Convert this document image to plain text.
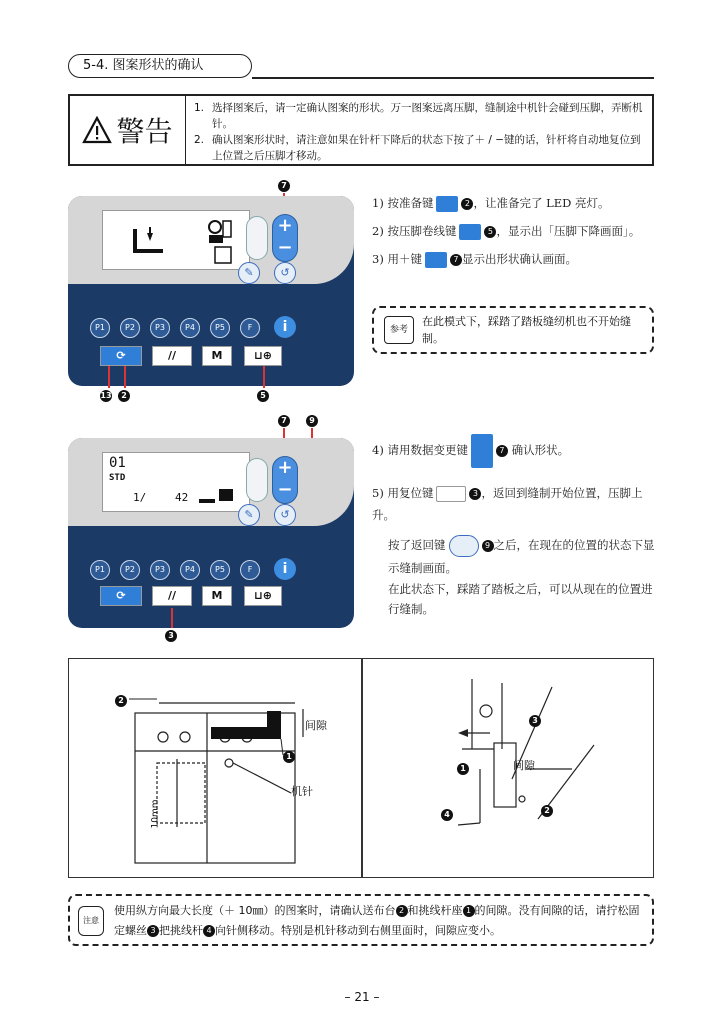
5-4. 图案形状的确认
警告
1. 选择图案后，请一定确认图案的形状。万一图案远离压脚，缝制途中机针会碰到压脚，弄断机针。
2. 确认图案形状时，请注意如果在针杆下降后的状态下按了＋ / −键的话，针杆将自动地复位到上位置之后压脚才移动。
7
+
−
✎	↺
P1	P2	P3	P4	P5	F	i
⟳	//	M	⊔⊕
13	2	5
1) 按准备键	2 ，让准备完了 LED 亮灯。
2) 按压脚卷线键	5 ，显示出「压脚下降画面」。
3) 用＋键	7 显示出形状确认画面。
参考
在此模式下，踩踏了踏板缝纫机也不开始缝制。
7	9
01
STD
1/	42
+
−
✎	↺
P1	P2	P3	P4	P5	F	i
⟳	//	M	⊔⊕
3
4) 请用数据变更键	7 确认形状。
5) 用复位键	3 ，返回到缝制开始位置，压脚上升。
按了返回键	9 之后，在现在的位置的状态下显示缝制画面。
在此状态下，踩踏了踏板之后，可以从现在的位置进行缝制。
2
间隙
1
机针
10mm
3
1	间隙
2
4
注意
使用纵方向最大长度（＋ 10㎜）的图案时，请确认送布台 2 和挑线杆座 1 的间隙。没有间隙的话，请拧松固定螺丝 3 把挑线杆 4 向针侧移动。特别是机针移动到右侧里面时，间隙应变小。
– 21 –
